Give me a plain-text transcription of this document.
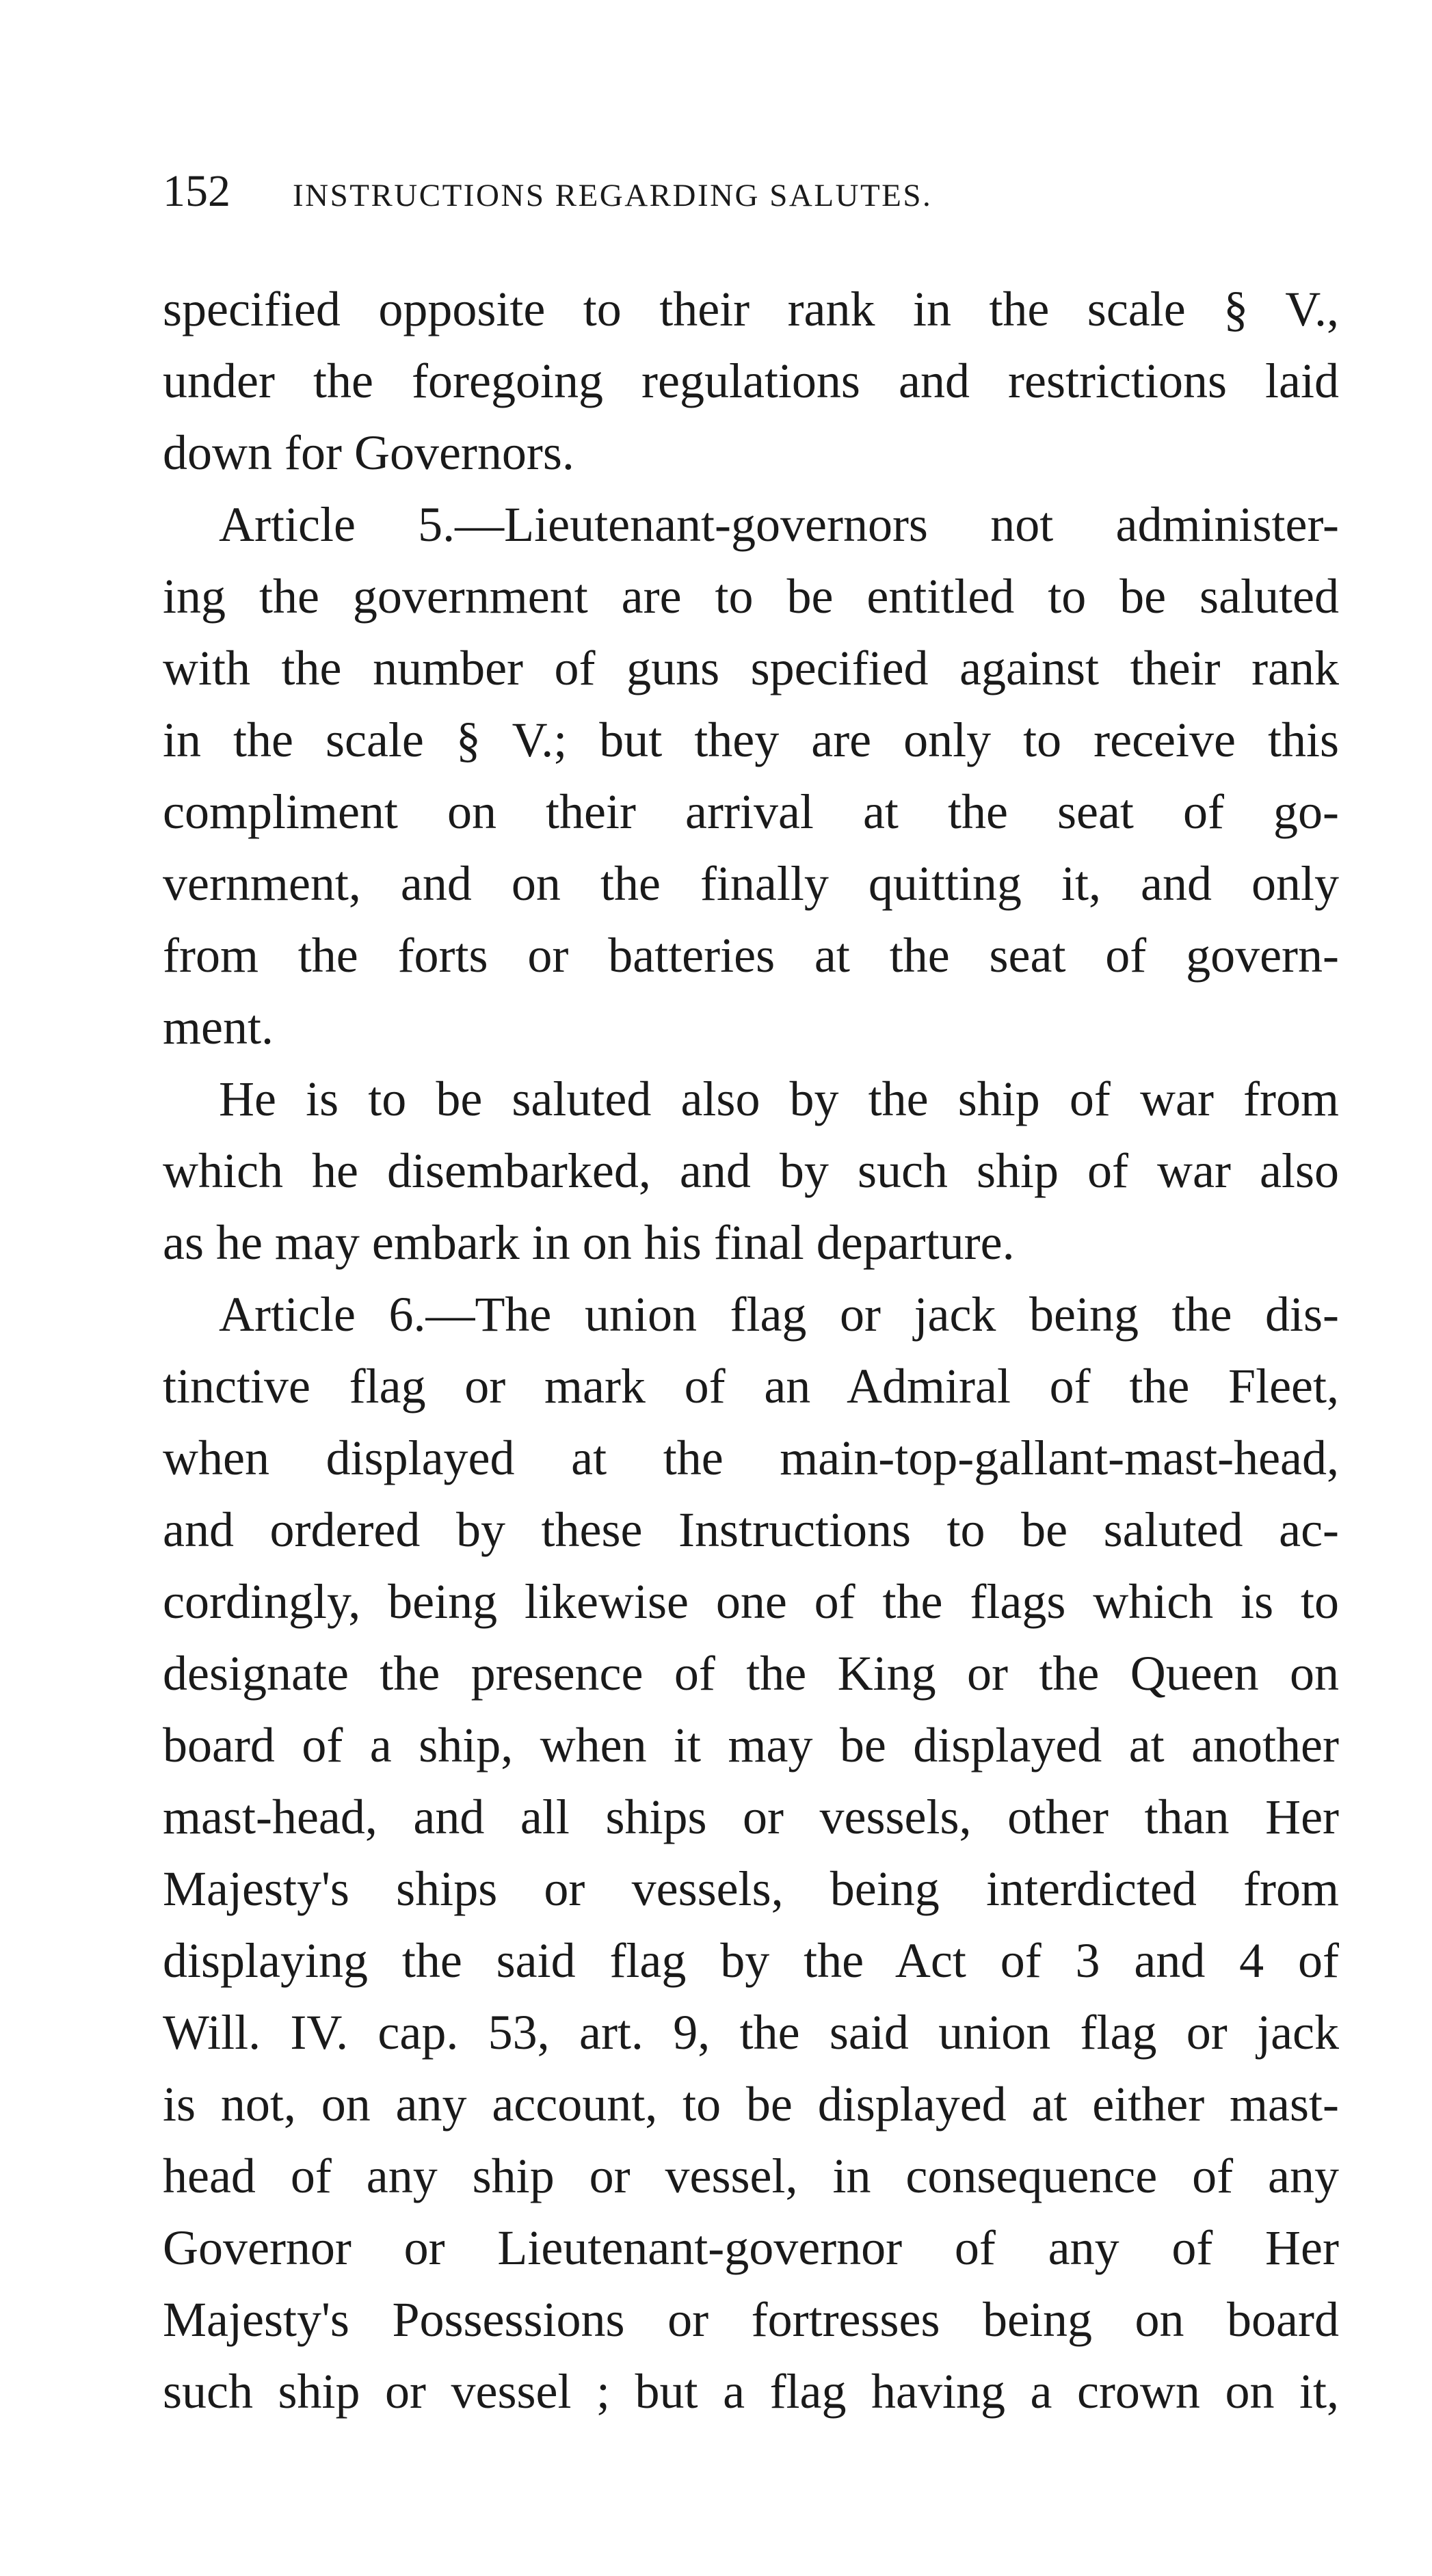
152	INSTRUCTIONS REGARDING SALUTES.
specified opposite to their rank in the scale § V.,
under the foregoing regulations and restrictions laid
down for Governors.
Article 5.—Lieutenant-governors not administer-
ing the government are to be entitled to be saluted
with the number of guns specified against their rank
in the scale § V.; but they are only to receive this
compliment on their arrival at the seat of go-
vernment, and on the finally quitting it, and only
from the forts or batteries at the seat of govern-
ment.
He is to be saluted also by the ship of war from
which he disembarked, and by such ship of war also
as he may embark in on his final departure.
Article 6.—The union flag or jack being the dis-
tinctive flag or mark of an Admiral of the Fleet,
when displayed at the main-top-gallant-mast-head,
and ordered by these Instructions to be saluted ac-
cordingly, being likewise one of the flags which is to
designate the presence of the King or the Queen on
board of a ship, when it may be displayed at another
mast-head, and all ships or vessels, other than Her
Majesty's ships or vessels, being interdicted from
displaying the said flag by the Act of 3 and 4 of
Will. IV. cap. 53, art. 9, the said union flag or jack
is not, on any account, to be displayed at either mast-
head of any ship or vessel, in consequence of any
Governor or Lieutenant-governor of any of Her
Majesty's Possessions or fortresses being on board
such ship or vessel ; but a flag having a crown on it,
